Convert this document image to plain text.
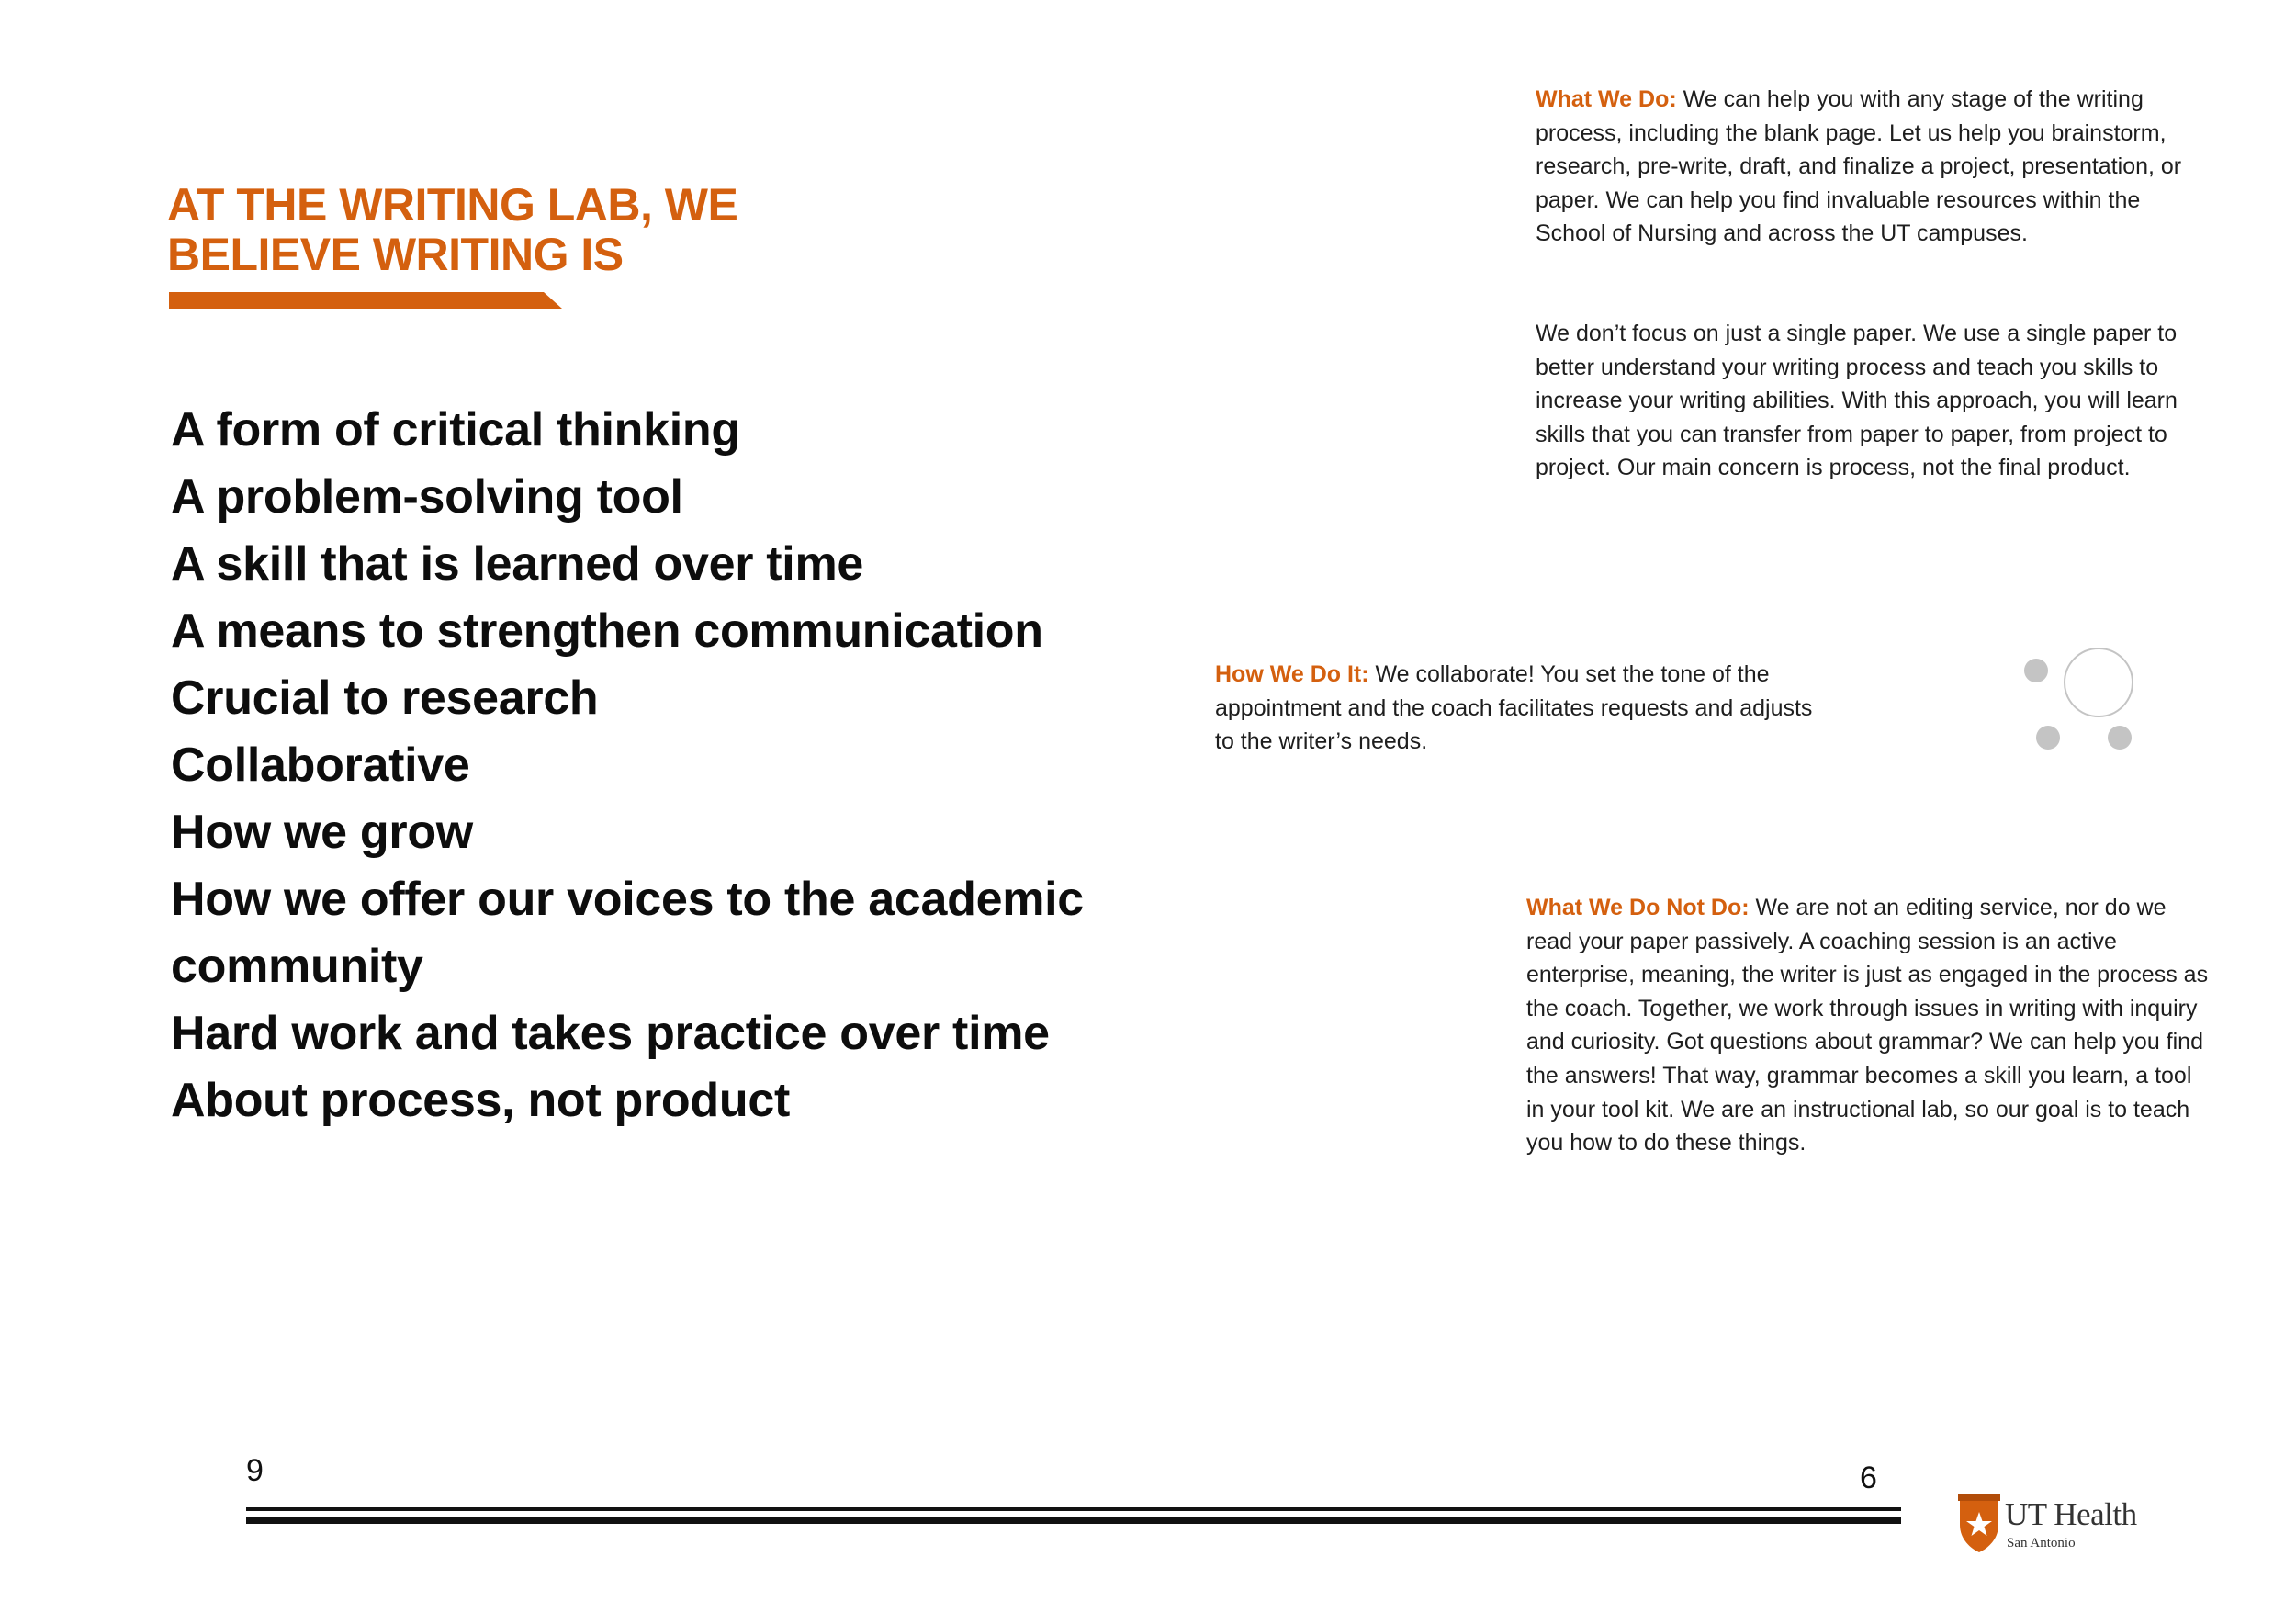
AT THE WRITING LAB, WE
BELIEVE WRITING IS
A form of critical thinking
A problem-solving tool
A skill that is learned over time
A means to strengthen communication
Crucial to research
Collaborative
How we grow
How we offer our voices to the academic
community
Hard work and takes practice over time
About process, not product
What We Do: We can help you with any stage of the writing process, including the blank page. Let us help you brainstorm, research, pre-write, draft, and finalize a project, presentation, or paper. We can help you find invaluable resources within the School of Nursing and across the UT campuses.
We don’t focus on just a single paper. We use a single paper to better understand your writing process and teach you skills to increase your writing abilities. With this approach, you will learn skills that you can transfer from paper to paper, from project to project. Our main concern is process, not the final product.
How We Do It: We collaborate! You set the tone of the appointment and the coach facilitates requests and adjusts to the writer’s needs.
What We Do Not Do: We are not an editing service, nor do we read your paper passively. A coaching session is an active enterprise, meaning, the writer is just as engaged in the process as the coach. Together, we work through issues in writing with inquiry and curiosity. Got questions about grammar? We can help you find the answers! That way, grammar becomes a skill you learn, a tool in your tool kit. We are an instructional lab, so our goal is to teach you how to do these things.
9	6
UT Health
San Antonio
